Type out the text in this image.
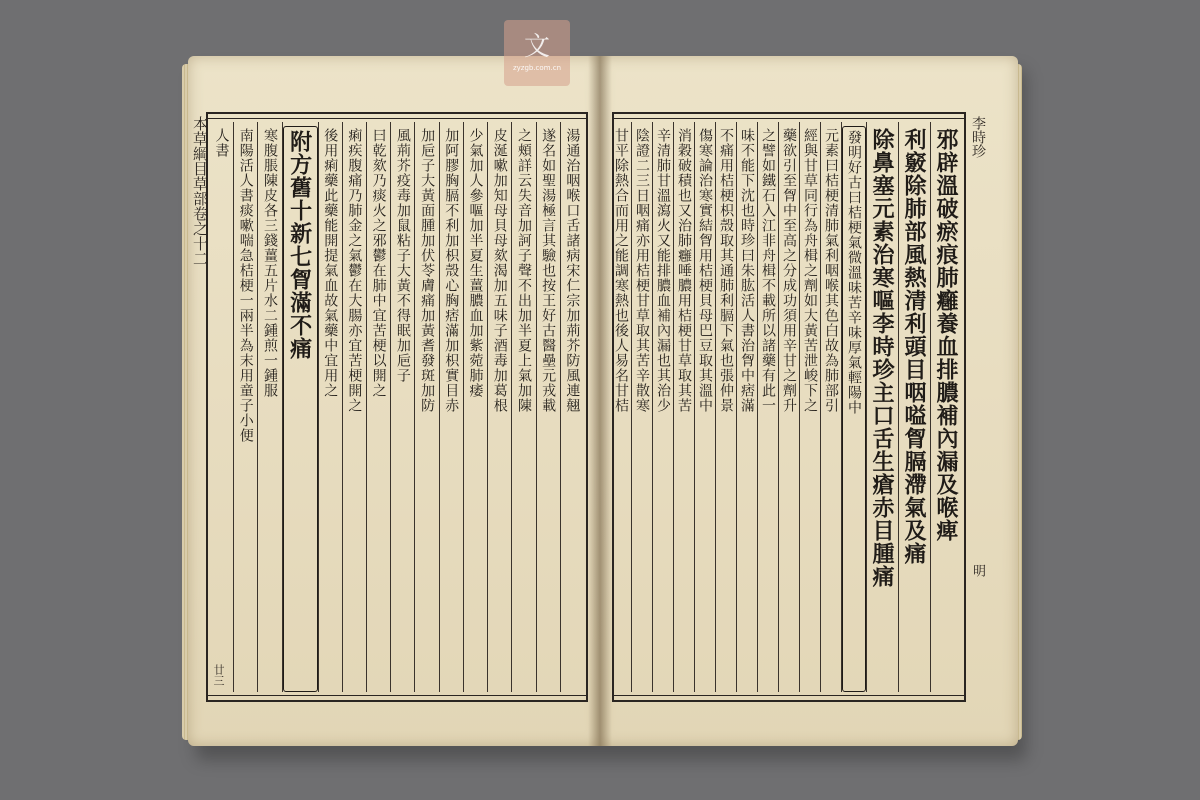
文
zyzgb.com.cn
本草綱目草部卷之十二
廿三
湯通治咽喉口舌諸病宋仁宗加荊芥防風連翹
遂名如聖湯極言其驗也按王好古醫壘元戎載
之頰詳云失音加訶子聲不出加半夏上氣加陳
皮涎嗽加知母貝母欬渴加五味子酒毒加葛根
少氣加人參嘔加半夏生薑膿血加紫菀肺痿
加阿膠胸膈不利加枳殼心胸痞滿加枳實目赤
加巵子大黃面腫加伏苓膚痛加黃耆發斑加防
風荊芥疫毒加鼠粘子大黃不得眠加巵子
曰乾欬乃痰火之邪鬱在肺中宜苦梗以開之
痢疾腹痛乃肺金之氣鬱在大腸亦宜苦梗開之
後用痢藥此藥能開提氣血故氣藥中宜用之
附方舊十新七胷滿不痛
寒腹脹陳皮各三錢薑五片水二鍾煎一鍾服
南陽活人書痰嗽喘急桔梗一兩半為末用童子小便
人書	邪辟溫破瘀痕肺癰養血排膿補內漏及喉痺
利竅除肺部風熱清利頭目咽嗌胷膈滯氣及痛
除鼻塞元素治寒嘔李時珍主口舌生瘡赤目腫痛
發明好古曰桔梗氣微溫味苦辛味厚氣輕陽中
元素曰桔梗清肺氣利咽喉其色白故為肺部引
經與甘草同行為舟楫之劑如大黃苦泄峻下之
藥欲引至胷中至高之分成功須用辛甘之劑升
之譬如鐵石入江非舟楫不載所以諸藥有此一
味不能下沈也時珍曰朱肱活人書治胷中痞滿
不痛用桔梗枳殼取其通肺利膈下氣也張仲景
傷寒論治寒實結胷用桔梗貝母巴豆取其溫中
消穀破積也又治肺癰唾膿用桔梗甘草取其苦
辛清肺甘溫瀉火又能排膿血補內漏也其治少
陰證二三日咽痛亦用桔梗甘草取其苦辛散寒
甘平除熱合而用之能調寒熱也後人易名甘桔	李時珍
明
